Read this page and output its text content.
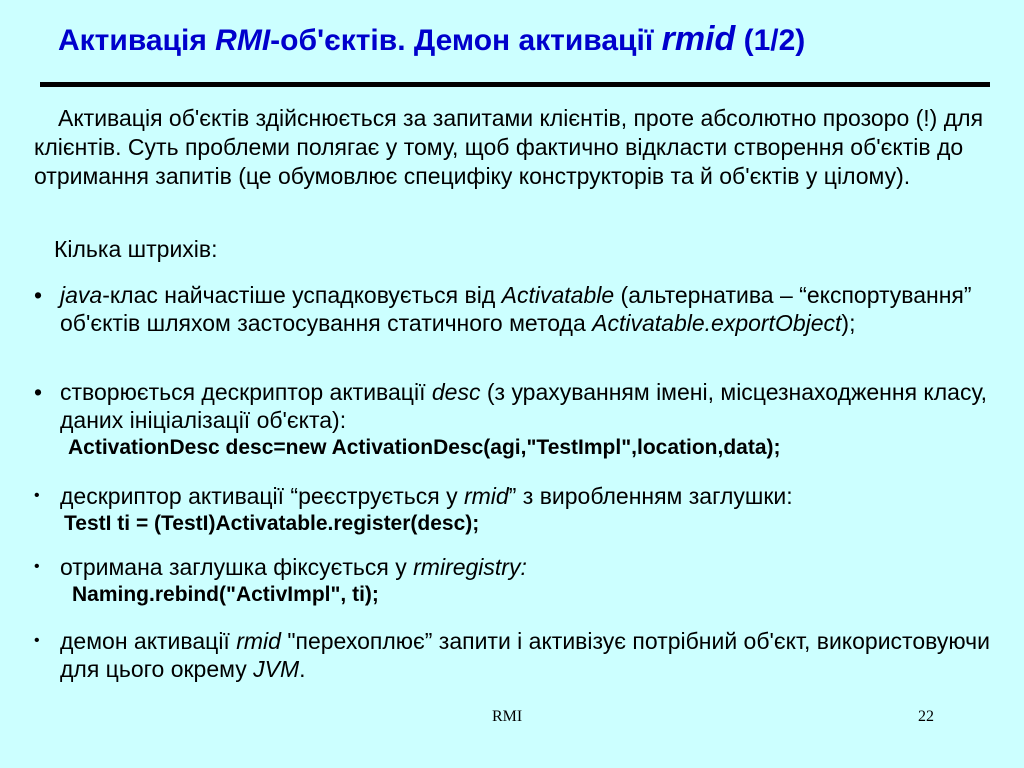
Активація RMI-об'єктів. Демон активації rmid (1/2)
Активація об'єктів здійснюється за запитами клієнтів, проте абсолютно прозоро (!) для клієнтів. Суть проблеми полягає у тому, щоб фактично відкласти створення об'єктів до отримання запитів (це обумовлює специфіку конструкторів та й об'єктів у цілому).
Кілька штрихів:
• java-клас найчастіше успадковується від Activatable (альтернатива – “експортування” об'єктів шляхом застосування статичного метода Activatable.exportObject);
• створюється дескриптор активації desc (з урахуванням імені, місцезнаходження класу, даних ініціалізації об'єкта):
ActivationDesc desc=new ActivationDesc(agi,"TestImpl",location,data);
• дескриптор активації “реєструється у rmid” з виробленням заглушки:
TestI ti = (TestI)Activatable.register(desc);
• отримана заглушка фіксується у rmiregistry:
Naming.rebind("ActivImpl", ti);
• демон активації rmid "перехоплює” запити і активізує потрібний об'єкт, використовуючи для цього окрему JVM.
RMI	22
